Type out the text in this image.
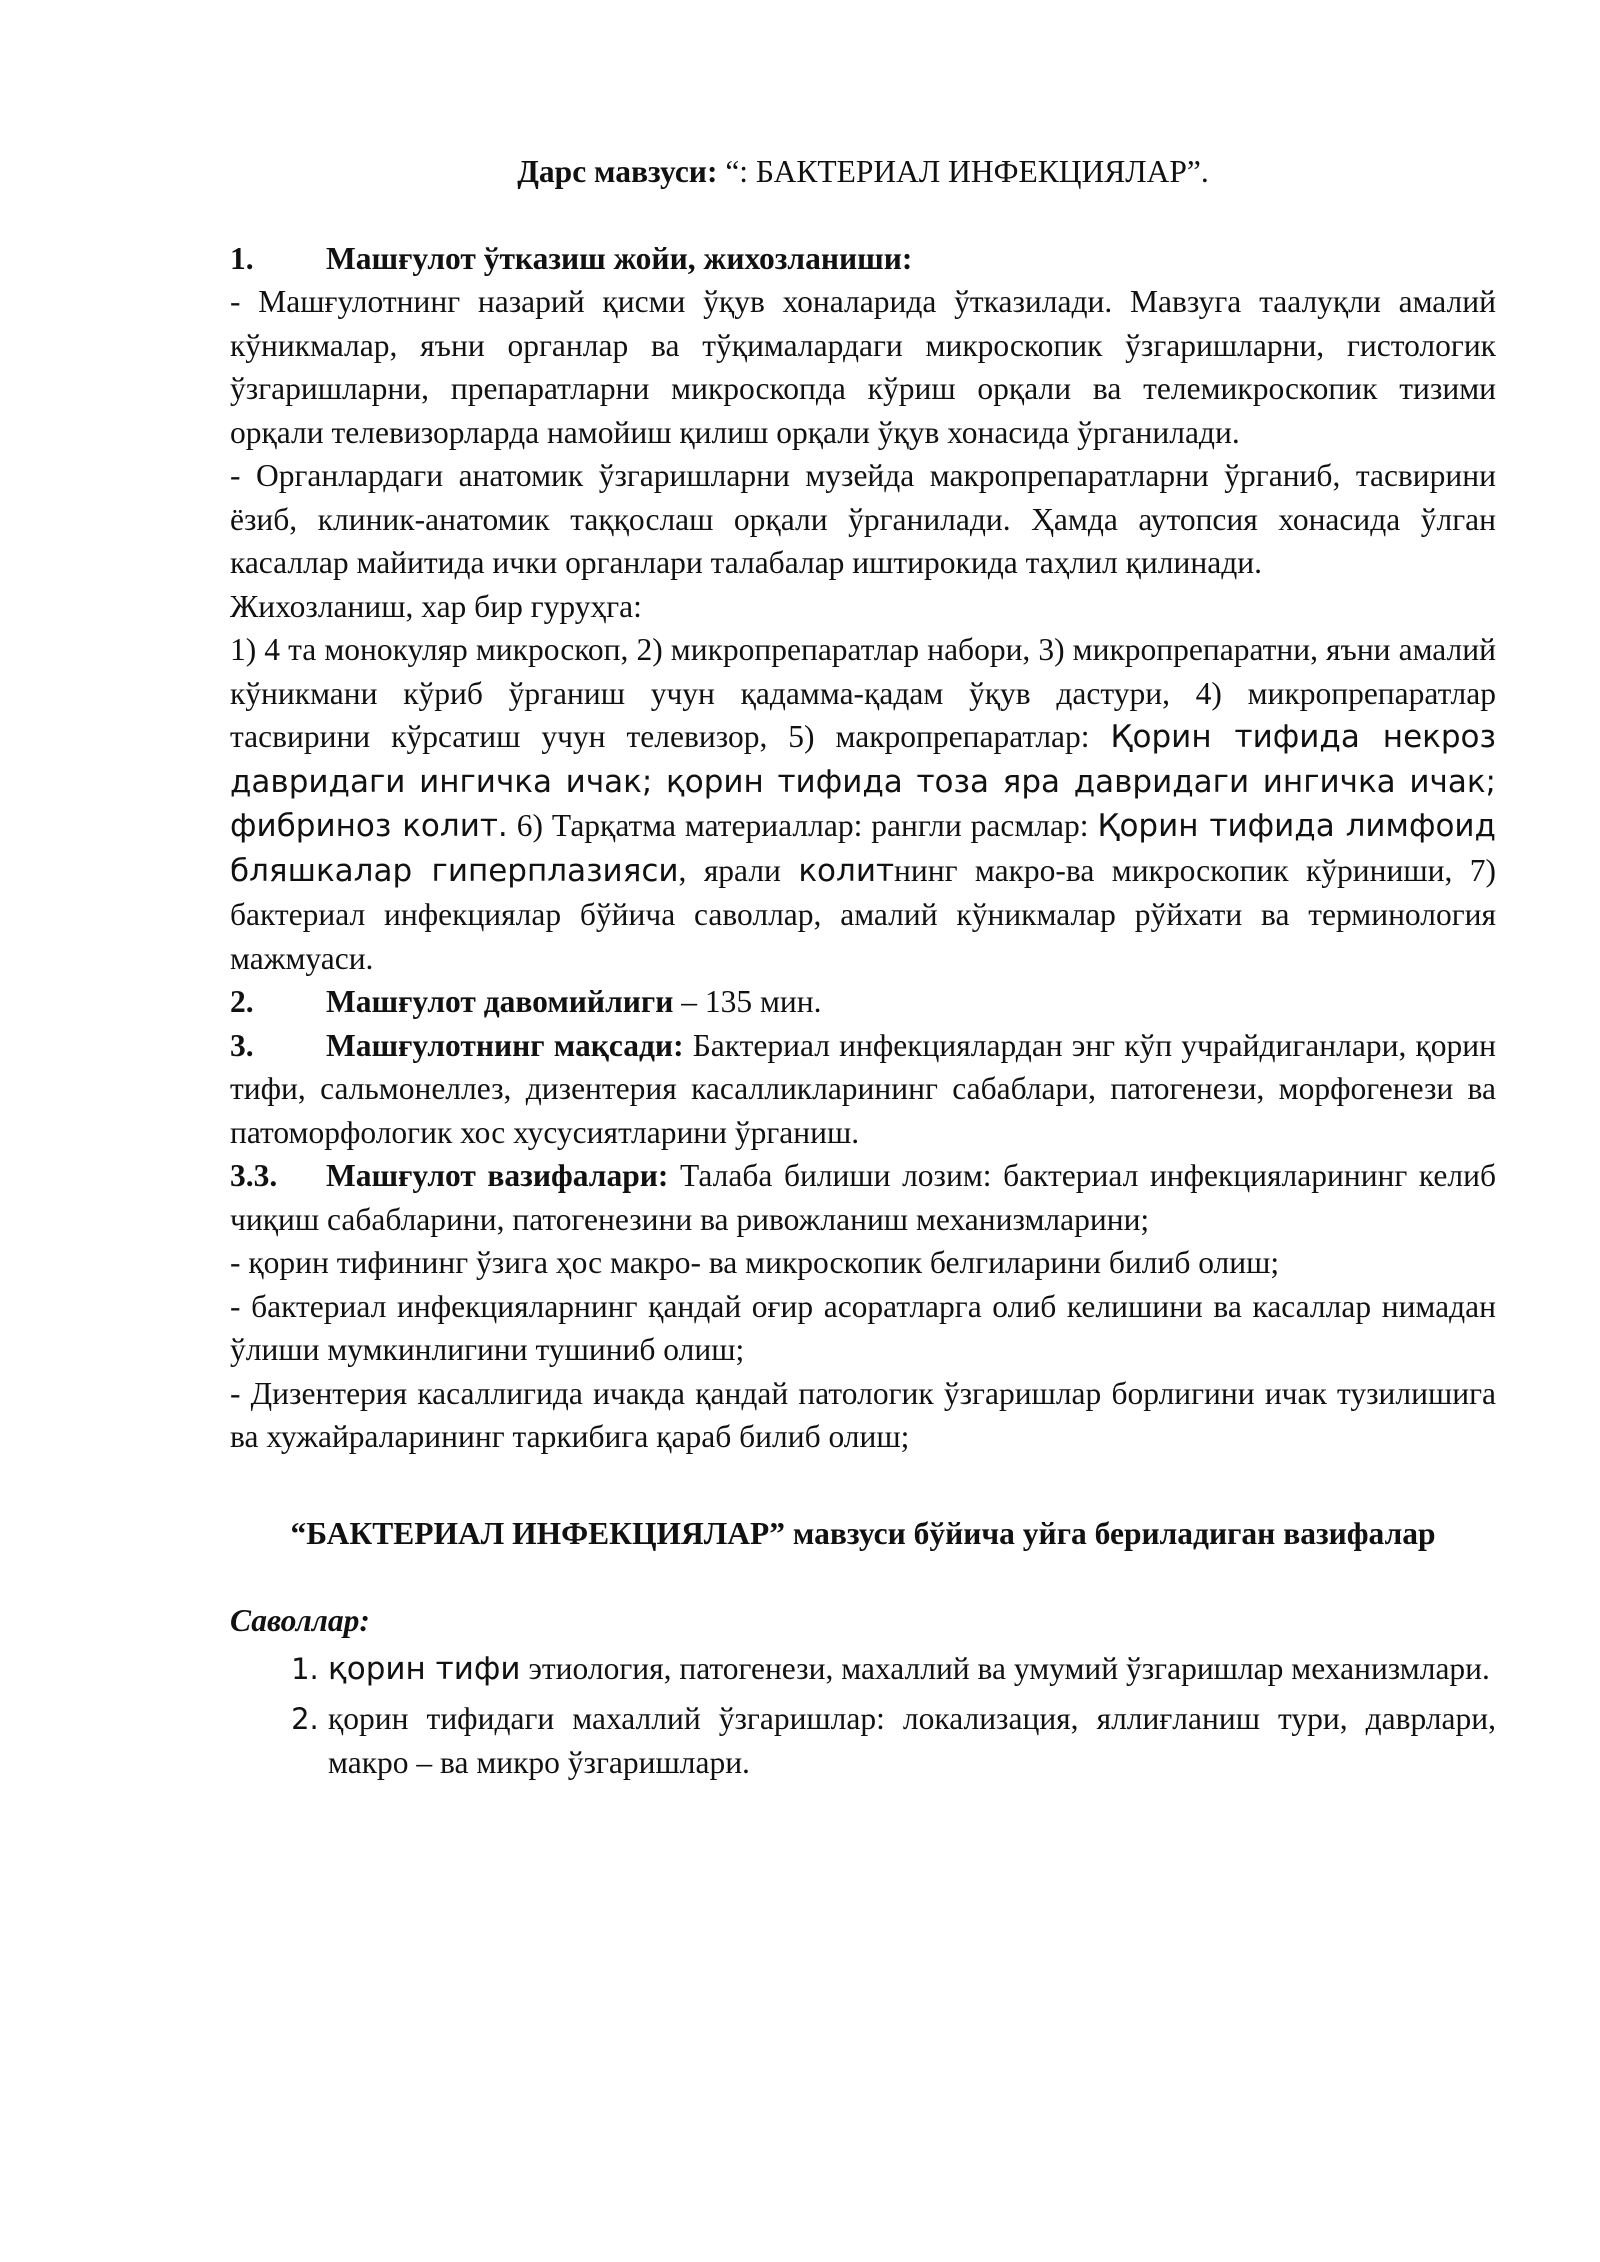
Дарс мавзуси: “: БАКТЕРИАЛ ИНФЕКЦИЯЛАР”.

1. Машғулот ўтказиш жойи, жихозланиши:

- Машғулотнинг назарий қисми ўқув хоналарида ўтказилади. Мавзуга таалуқли амалий кўникмалар, яъни органлар ва тўқималардаги микроскопик ўзгаришларни, гистологик ўзгаришларни, препаратларни микроскопда кўриш орқали ва телемикроскопик тизими орқали телевизорларда намойиш қилиш орқали ўқув хонасида ўрганилади.

- Органлардаги анатомик ўзгаришларни музейда макропрепаратларни ўрганиб, тасвирини ёзиб, клиник-анатомик таққослаш орқали ўрганилади. Ҳамда аутопсия хонасида ўлган касаллар майитида ички органлари талабалар иштирокида таҳлил қилинади.

Жихозланиш, хар бир гуруҳга:

1) 4 та монокуляр микроскоп, 2) микропрепаратлар набори, 3) микропрепаратни, яъни амалий кўникмани кўриб ўрганиш учун қадамма-қадам ўқув дастури, 4) микропрепаратлар тасвирини кўрсатиш учун телевизор, 5) макропрепаратлар: Қорин тифида некроз давридаги ингичка ичак; қорин тифида тоза яра давридаги ингичка ичак; фибриноз колит. 6) Тарқатма материаллар: рангли расмлар: Қорин тифида лимфоид бляшкалар гиперплазияси, ярали колитнинг макро-ва микроскопик кўриниши, 7) бактериал инфекциялар бўйича саволлар, амалий кўникмалар рўйхати ва терминология мажмуаси.

2. Машғулот давомийлиги – 135 мин.

3. Машғулотнинг мақсади: Бактериал инфекциялардан энг кўп учрайдиганлари, қорин тифи, сальмонеллез, дизентерия касалликларининг сабаблари, патогенези, морфогенези ва патоморфологик хос хусусиятларини ўрганиш.

3.3. Машғулот вазифалари: Талаба билиши лозим: бактериал инфекцияларининг келиб чиқиш сабабларини, патогенезини ва ривожланиш механизмларини;

- қорин тифининг ўзига ҳос макро- ва микроскопик белгиларини билиб олиш;

- бактериал инфекцияларнинг қандай оғир асоратларга олиб келишини ва касаллар нимадан ўлиши мумкинлигини тушиниб олиш;

- Дизентерия касаллигида ичакда қандай патологик ўзгаришлар борлигини ичак тузилишига ва хужайраларининг таркибига қараб билиб олиш;

“БАКТЕРИАЛ ИНФЕКЦИЯЛАР” мавзуси бўйича уйга бериладиган вазифалар

Саволлар:

1. қорин тифи этиология, патогенези, махаллий ва умумий ўзгаришлар механизмлари.
2. қорин тифидаги махаллий ўзгаришлар: локализация, яллиғланиш тури, даврлари, макро – ва микро ўзгаришлари.
